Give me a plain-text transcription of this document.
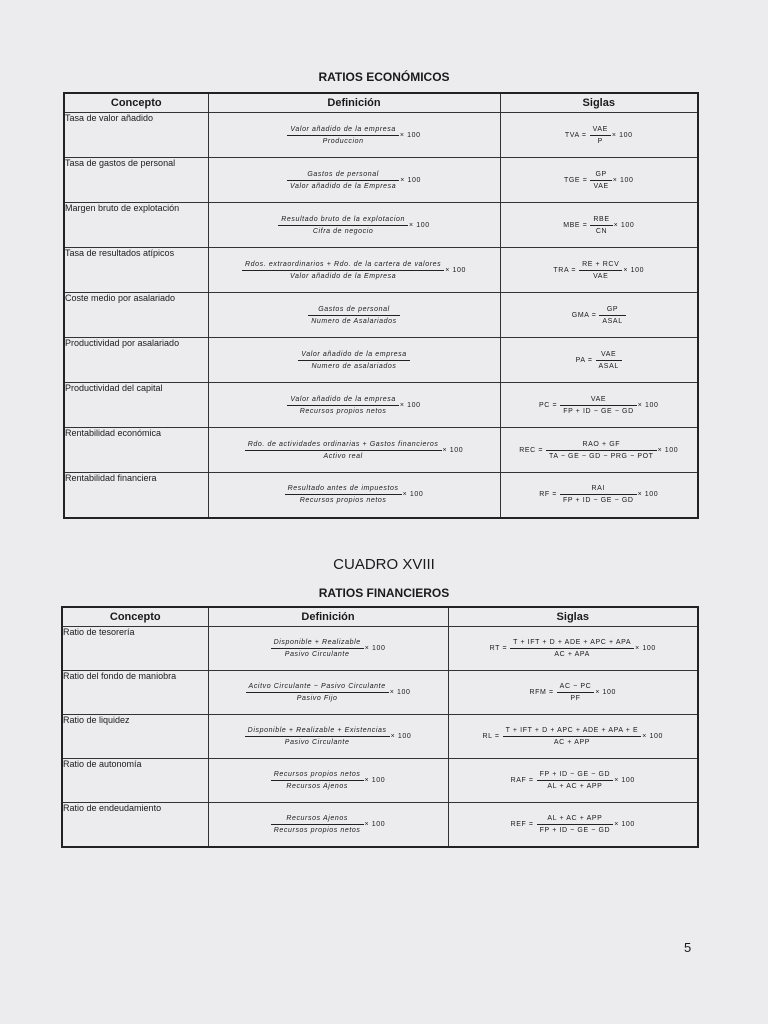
RATIOS ECONÓMICOS
Concepto	Definición	Siglas
Tasa de valor añadido	$\frac{\text{Valor añadido de la empresa}}{\text{Produccion}} \times 100$	TVA = $\frac{\text{VAE}}{P} \times 100$
Tasa de gastos de personal	$\frac{\text{Gastos de personal}}{\text{Valor añadido de la Empresa}} \times 100$	TGE = $\frac{GP}{\text{VAE}} \times 100$
Margen bruto de explotación	$\frac{\text{Resultado bruto de la explotacion}}{\text{Cifra de negocio}} \times 100$	MBE = $\frac{\text{RBE}}{CN} \times 100$
Tasa de resultados atípicos	$\frac{\text{Rdos. extraordinarios + Rdo. de la cartera de valores}}{\text{Valor añadido de la Empresa}} \times 100$	TRA = $\frac{\text{RE + RCV}}{\text{VAE}} \times 100$
Coste medio por asalariado	$\frac{\text{Gastos de personal}}{\text{Numero de Asalariados}}$	GMA = $\frac{GP}{\text{ASAL}}$

Productividad por asalariado	$\frac{\text{Valor añadido de la empresa}}{\text{Numero de asalariados}}$	PA = $\frac{\text{VAE}}{\text{ASAL}}$

Productividad del capital	$\frac{\text{Valor añadido de la empresa}}{\text{Recursos propios netos}} \times 100$	PC = $\frac{\text{VAE}}{FP + ID - GE - GD} \times 100$
Rentabilidad económica	$\frac{\text{Rdo. de actividades ordinarias + Gastos financieros}}{\text{Activo real}} \times 100$	REC = $\frac{\text{RAO + GF}}{\text{TA − GE − GD − PRG − POT}} \times 100$
Rentabilidad financiera	$\frac{\text{Resultado antes de impuestos}}{\text{Recursos propios netos}} \times 100$	RF = $\frac{\text{RAI}}{FP + ID - GE - GD} \times 100$
CUADRO XVIII
RATIOS FINANCIEROS
Concepto	Definición	Siglas
Ratio de tesorería	$\frac{\text{Disponible + Realizable}}{\text{Pasivo Circulante}} \times 100$	RT = $\frac{\text{T + IFT + D + ADE + APC + APA}}{\text{AC + APA}} \times 100$
Ratio del fondo de maniobra	$\frac{\text{Acitvo Circulante − Pasivo Circulante}}{\text{Pasivo Fijo}} \times 100$	RFM = $\frac{AC - PC}{PF} \times 100$
Ratio de liquidez	$\frac{\text{Disponible + Realizable + Existencias}}{\text{Pasivo Circulante}} \times 100$	RL = $\frac{\text{T + IFT + D + APC + ADE + APA + E}}{\text{AC + APP}} \times 100$
Ratio de autonomía	$\frac{\text{Recursos propios netos}}{\text{Recursos Ajenos}} \times 100$	RAF = $\frac{FP + ID - GE - GD}{\text{AL + AC + APP}} \times 100$
Ratio de endeudamiento	$\frac{\text{Recursos Ajenos}}{\text{Recursos propios netos}} \times 100$	REF = $\frac{\text{AL + AC + APP}}{FP + ID - GE - GD} \times 100$
5
